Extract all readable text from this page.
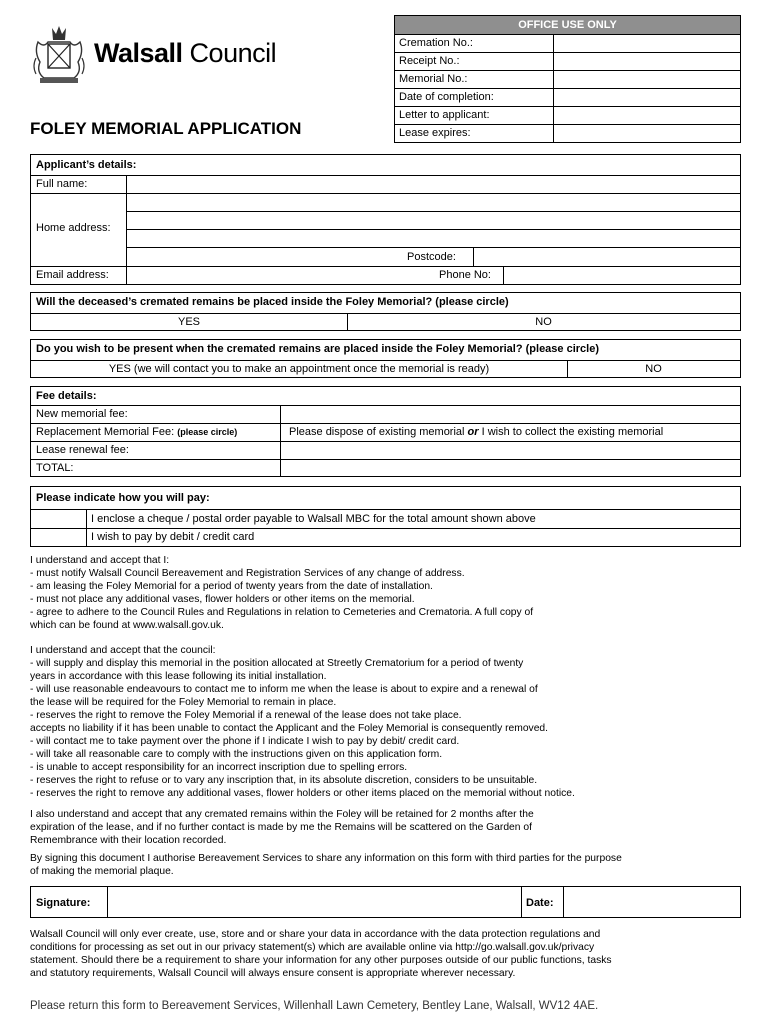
Walsall Council
FOLEY MEMORIAL APPLICATION
OFFICE USE ONLY
Cremation No.:
Receipt No.:
Memorial No.:
Date of completion:
Letter to applicant:
Lease expires:
Applicant’s details:
Full name:
Home address:
Postcode:
Email address:	Phone No:
Will the deceased’s cremated remains be placed inside the Foley Memorial? (please circle)
YES	NO
Do you wish to be present when the cremated remains are placed inside the Foley Memorial? (please circle)
YES (we will contact you to make an appointment once the memorial is ready)	NO
Fee details:
New memorial fee:
Replacement Memorial Fee: (please circle)	Please dispose of existing memorial or I wish to collect the existing memorial
Lease renewal fee:
TOTAL:
Please indicate how you will pay:
I enclose a cheque / postal order payable to Walsall MBC for the total amount shown above
I wish to pay by debit / credit card
I understand and accept that I:
- must notify Walsall Council Bereavement and Registration Services of any change of address.
- am leasing the Foley Memorial for a period of twenty years from the date of installation.
- must not place any additional vases, flower holders or other items on the memorial.
- agree to adhere to the Council Rules and Regulations in relation to Cemeteries and Crematoria. A full copy of
which can be found at www.walsall.gov.uk.
I understand and accept that the council:
- will supply and display this memorial in the position allocated at Streetly Crematorium for a period of twenty
years in accordance with this lease following its initial installation.
- will use reasonable endeavours to contact me to inform me when the lease is about to expire and a renewal of
the lease will be required for the Foley Memorial to remain in place.
- reserves the right to remove the Foley Memorial if a renewal of the lease does not take place.
accepts no liability if it has been unable to contact the Applicant and the Foley Memorial is consequently removed.
- will contact me to take payment over the phone if I indicate I wish to pay by debit/ credit card.
- will take all reasonable care to comply with the instructions given on this application form.
- is unable to accept responsibility for an incorrect inscription due to spelling errors.
- reserves the right to refuse or to vary any inscription that, in its absolute discretion, considers to be unsuitable.
- reserves the right to remove any additional vases, flower holders or other items placed on the memorial without notice.
I also understand and accept that any cremated remains within the Foley will be retained for 2 months after the
expiration of the lease, and if no further contact is made by me the Remains will be scattered on the Garden of
Remembrance with their location recorded.
By signing this document I authorise Bereavement Services to share any information on this form with third parties for the purpose
of making the memorial plaque.
Signature:	Date:
Walsall Council will only ever create, use, store and or share your data in accordance with the data protection regulations and
conditions for processing as set out in our privacy statement(s) which are available online via http://go.walsall.gov.uk/privacy
statement. Should there be a requirement to share your information for any other purposes outside of our public functions, tasks
and statutory requirements, Walsall Council will always ensure consent is appropriate wherever necessary.
Please return this form to Bereavement Services, Willenhall Lawn Cemetery, Bentley Lane, Walsall, WV12 4AE.
